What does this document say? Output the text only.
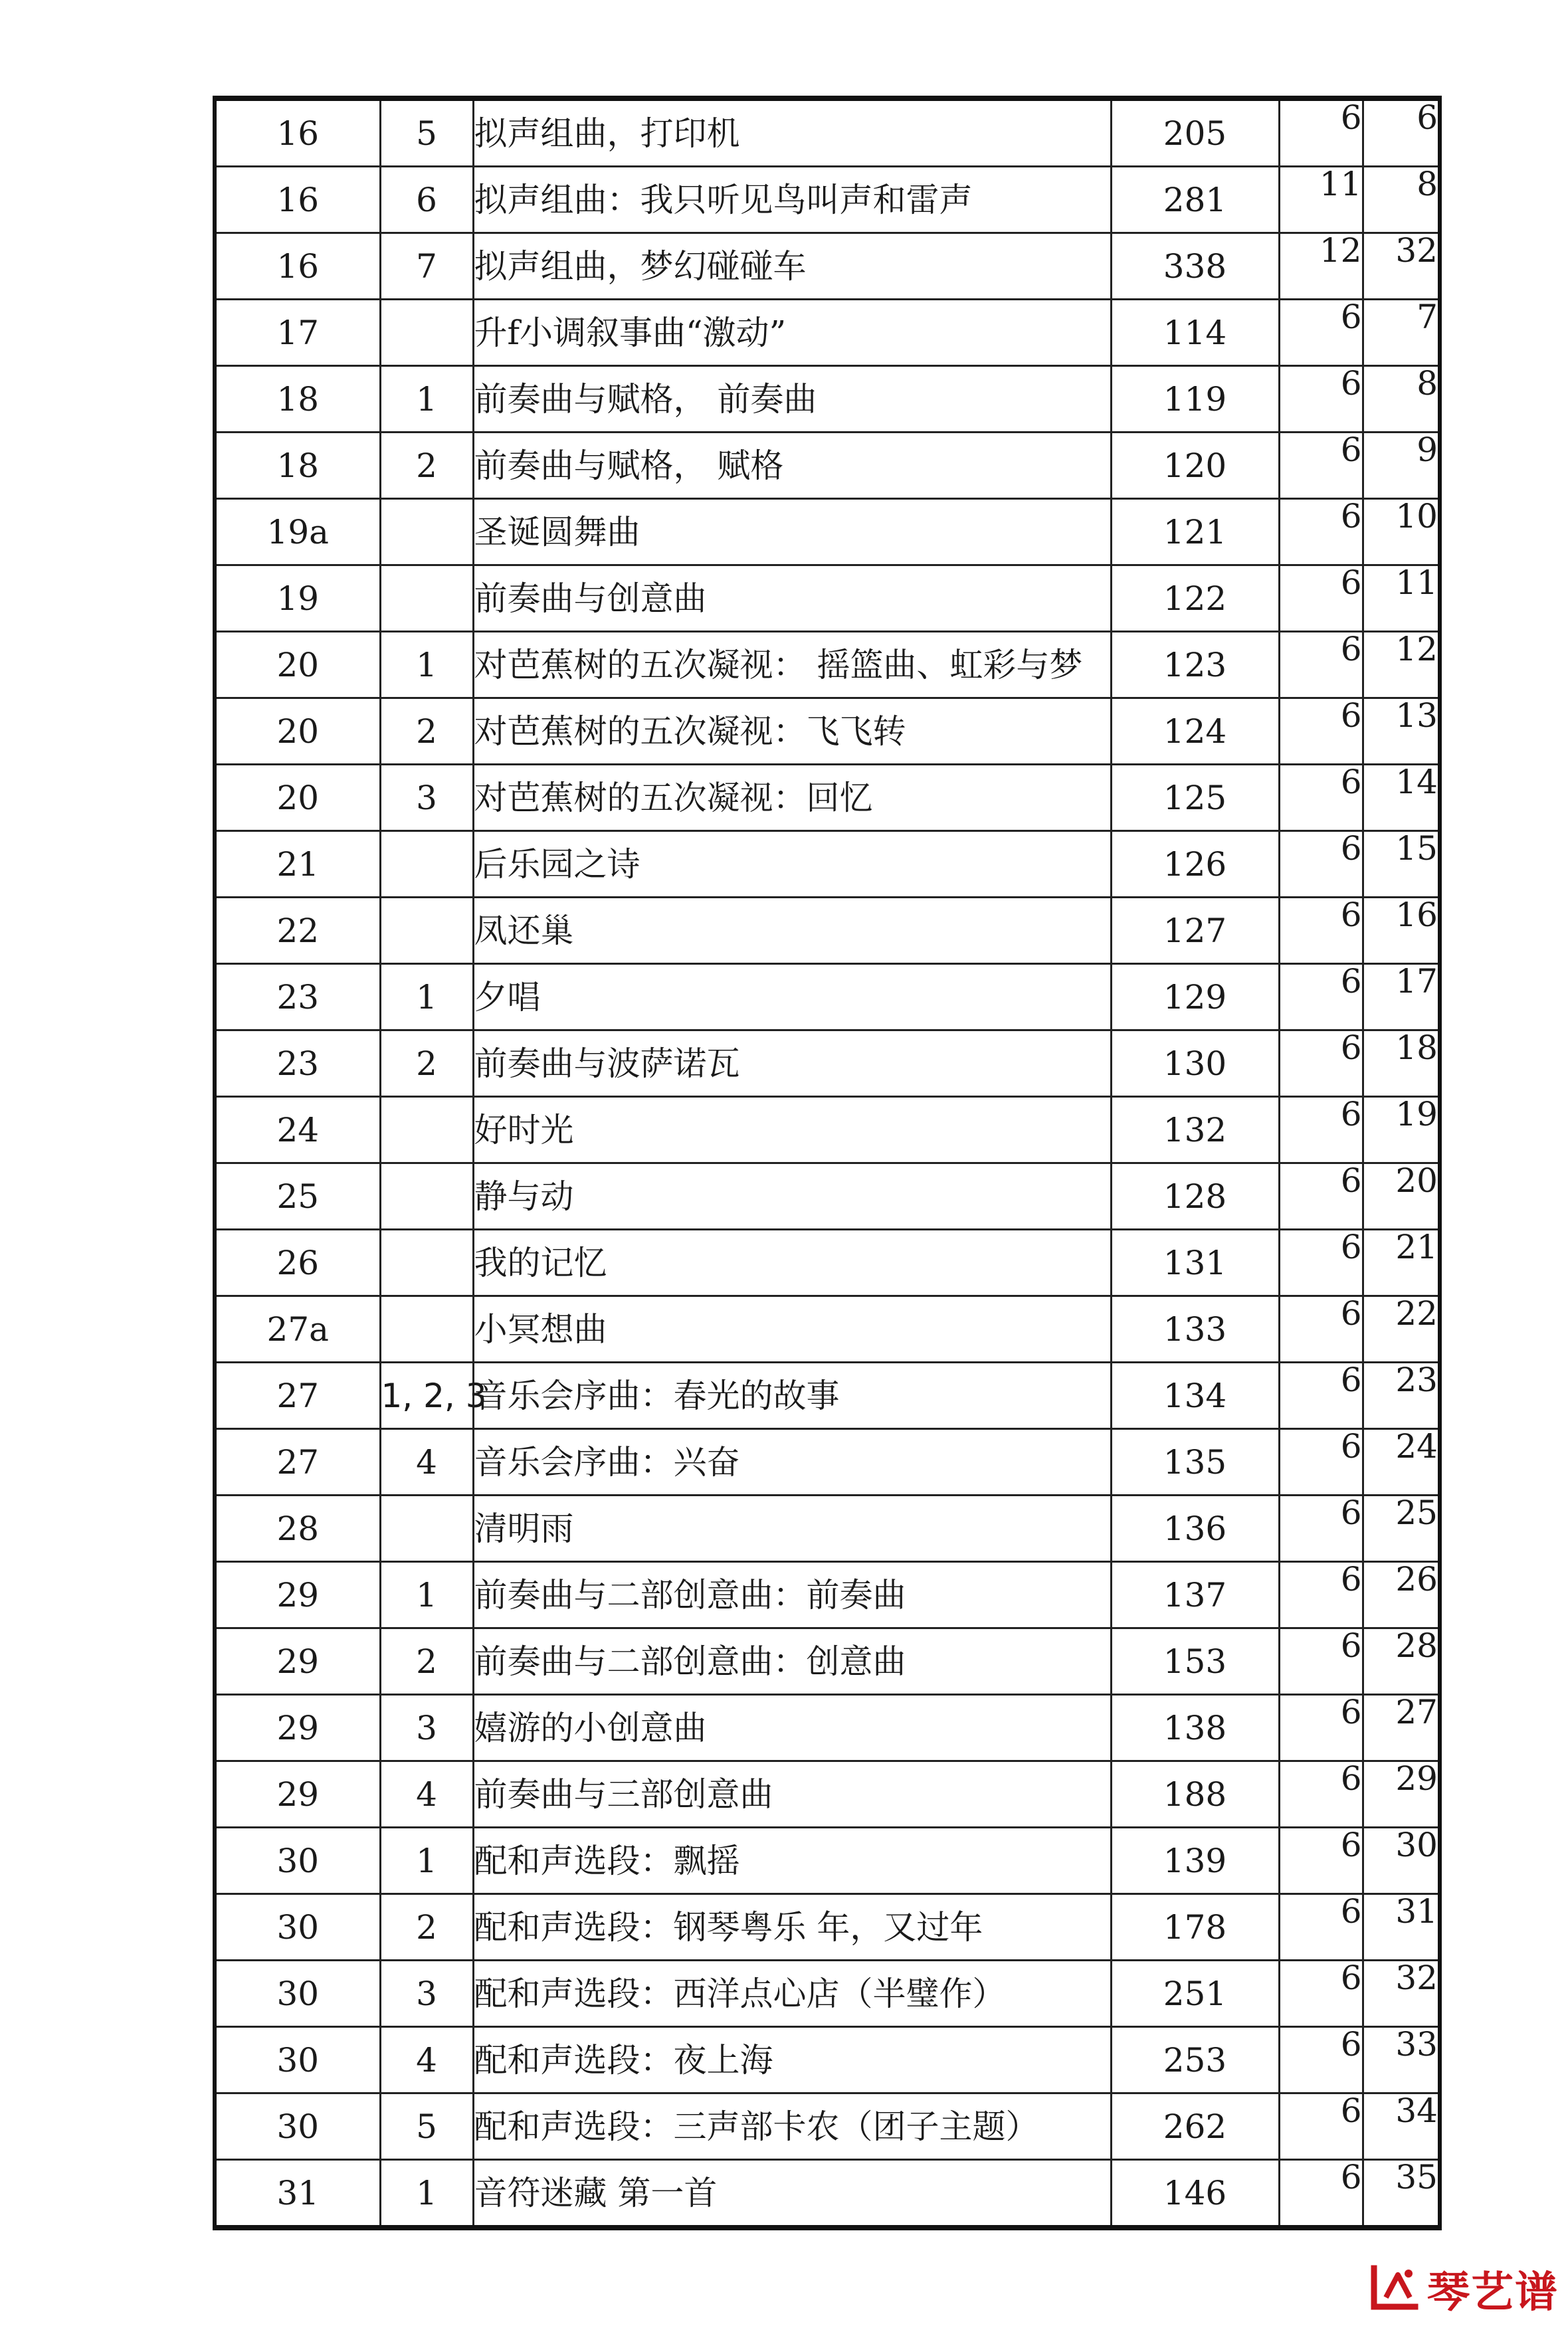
16	5	拟声组曲，打印机	205	6	6
16	6	拟声组曲：我只听见鸟叫声和雷声	281	11	8
16	7	拟声组曲，梦幻碰碰车	338	12	32
17		升f小调叙事曲“激动”	114	6	7
18	1	前奏曲与赋格， 前奏曲	119	6	8
18	2	前奏曲与赋格， 赋格	120	6	9
19a		圣诞圆舞曲	121	6	10
19		前奏曲与创意曲	122	6	11
20	1	对芭蕉树的五次凝视： 摇篮曲、虹彩与梦	123	6	12
20	2	对芭蕉树的五次凝视：飞飞转	124	6	13
20	3	对芭蕉树的五次凝视：回忆	125	6	14
21		后乐园之诗	126	6	15
22		凤还巢	127	6	16
23	1	夕唱	129	6	17
23	2	前奏曲与波萨诺瓦	130	6	18
24		好时光	132	6	19
25		静与动	128	6	20
26		我的记忆	131	6	21
27a		小冥想曲	133	6	22
27	1, 2, 3	音乐会序曲：春光的故事	134	6	23
27	4	音乐会序曲：兴奋	135	6	24
28		清明雨	136	6	25
29	1	前奏曲与二部创意曲：前奏曲	137	6	26
29	2	前奏曲与二部创意曲：创意曲	153	6	28
29	3	嬉游的小创意曲	138	6	27
29	4	前奏曲与三部创意曲	188	6	29
30	1	配和声选段：飘摇	139	6	30
30	2	配和声选段：钢琴粤乐 年，又过年	178	6	31
30	3	配和声选段：西洋点心店（半璧作）	251	6	32
30	4	配和声选段：夜上海	253	6	33
30	5	配和声选段：三声部卡农（团子主题）	262	6	34
31	1	音符迷藏 第一首	146	6	35
琴艺谱
